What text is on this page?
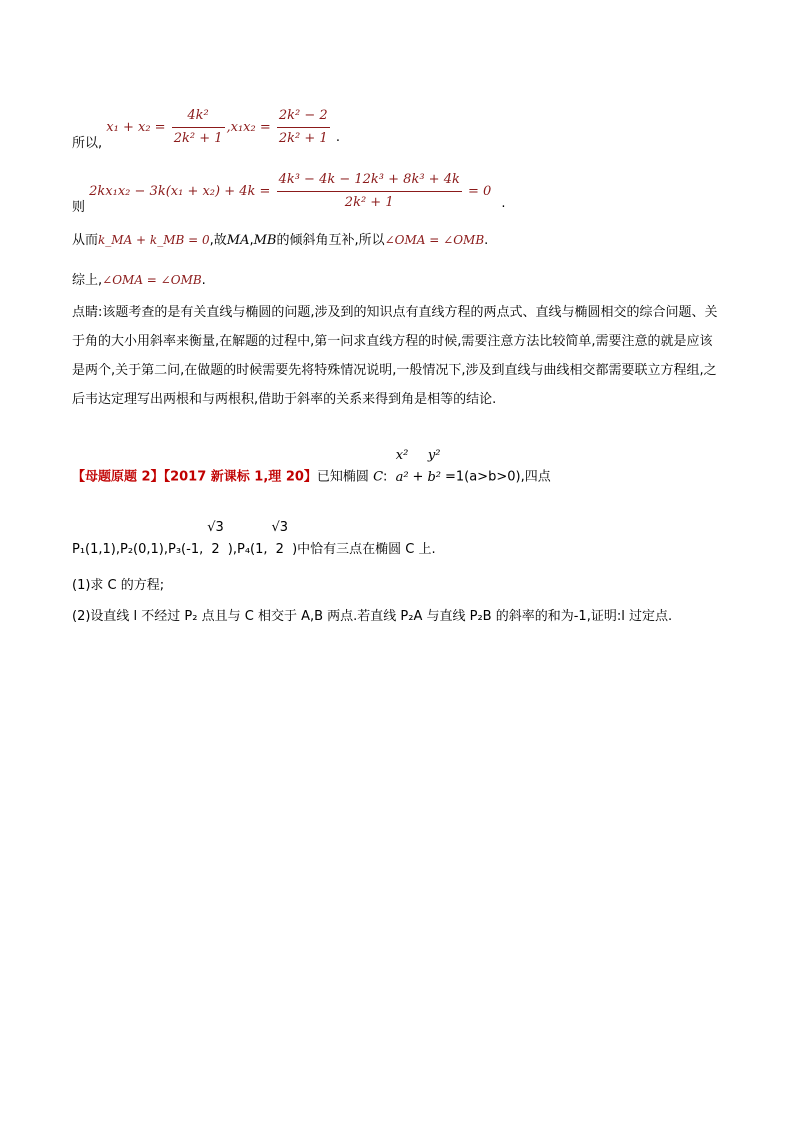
所以, $x_1 + x_2 = \frac{\text{4k²}}{\text{2k² + 1}} ,x_1x_2 = \frac{\text{2k² − 2}}{\text{2k² + 1}}$ .
则 $2kx_1x_2 - 3k(x_1 + x_2) + 4k = \frac{\text{4k³ − 4k − 12k³ + 8k³ + 4k}}{\text{2k² + 1}} = 0$ .
从而k_MA + k_MB = 0,故MA,MB的倾斜角互补,所以∠OMA = ∠OMB.
综上,∠OMA = ∠OMB.
点睛:该题考查的是有关直线与椭圆的问题,涉及到的知识点有直线方程的两点式、直线与椭圆相交的综合问题、关于角的大小用斜率来衡量,在解题的过程中,第一问求直线方程的时候,需要注意方法比较简单,需要注意的就是应该是两个,关于第二问,在做题的时候需要先将特殊情况说明,一般情况下,涉及到直线与曲线相交都需要联立方程组,之后韦达定理写出两根和与两根积,借助于斜率的关系来得到角是相等的结论.
【母题原题 2】【2017 新课标 1,理 20】已知椭圆 C:
x²
a² +
y²
b² =1(a>b>0),四点
P₁(1,1),P₂(0,1),P₃(-1,
√3
2 ),P₄(1,
√3
2 )中恰有三点在椭圆 C 上.
(1)求 C 的方程;
(2)设直线 l 不经过 P₂ 点且与 C 相交于 A,B 两点.若直线 P₂A 与直线 P₂B 的斜率的和为-1,证明:l 过定点.
